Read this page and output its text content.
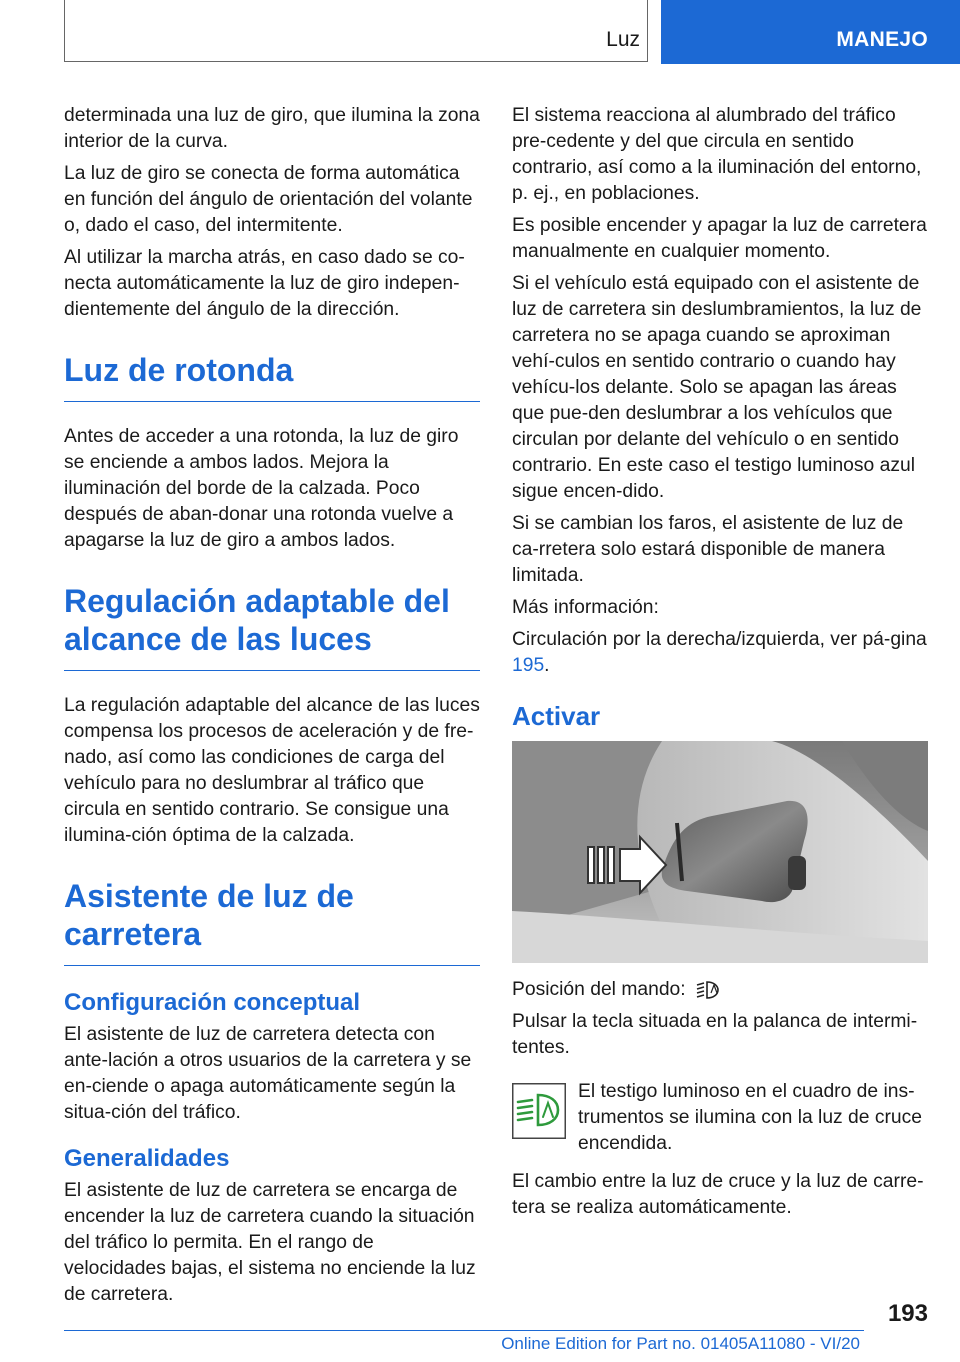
Luz	MANEJO

determinada una luz de giro, que ilumina la zona interior de la curva.

La luz de giro se conecta de forma automática en función del ángulo de orientación del volante o, dado el caso, del intermitente.

Al utilizar la marcha atrás, en caso dado se co-necta automáticamente la luz de giro indepen-dientemente del ángulo de la dirección.

Luz de rotonda

Antes de acceder a una rotonda, la luz de giro se enciende a ambos lados. Mejora la iluminación del borde de la calzada. Poco después de aban-donar una rotonda vuelve a apagarse la luz de giro a ambos lados.

Regulación adaptable del alcance de las luces

La regulación adaptable del alcance de las luces compensa los procesos de aceleración y de fre-nado, así como las condiciones de carga del vehículo para no deslumbrar al tráfico que circula en sentido contrario. Se consigue una ilumina-ción óptima de la calzada.

Asistente de luz de carretera
Configuración conceptual

El asistente de luz de carretera detecta con ante-lación a otros usuarios de la carretera y se en-ciende o apaga automáticamente según la situa-ción del tráfico.

Generalidades

El asistente de luz de carretera se encarga de encender la luz de carretera cuando la situación del tráfico lo permita. En el rango de velocidades bajas, el sistema no enciende la luz de carretera.

El sistema reacciona al alumbrado del tráfico pre-cedente y del que circula en sentido contrario, así como a la iluminación del entorno, p. ej., en poblaciones.

Es posible encender y apagar la luz de carretera manualmente en cualquier momento.

Si el vehículo está equipado con el asistente de luz de carretera sin deslumbramientos, la luz de carretera no se apaga cuando se aproximan vehí-culos en sentido contrario o cuando hay vehícu-los delante. Solo se apagan las áreas que pue-den deslumbrar a los vehículos que circulan por delante del vehículo o en sentido contrario. En este caso el testigo luminoso azul sigue encen-dido.

Si se cambian los faros, el asistente de luz de ca-rretera solo estará disponible de manera limitada.

Más información:

Circulación por la derecha/izquierda, ver pá-gina 195.

Activar

Posición del mando:

Pulsar la tecla situada en la palanca de intermi-tentes.

El testigo luminoso en el cuadro de ins-trumentos se ilumina con la luz de cruce encendida.

El cambio entre la luz de cruce y la luz de carre-tera se realiza automáticamente.

193
Online Edition for Part no. 01405A11080 - VI/20
